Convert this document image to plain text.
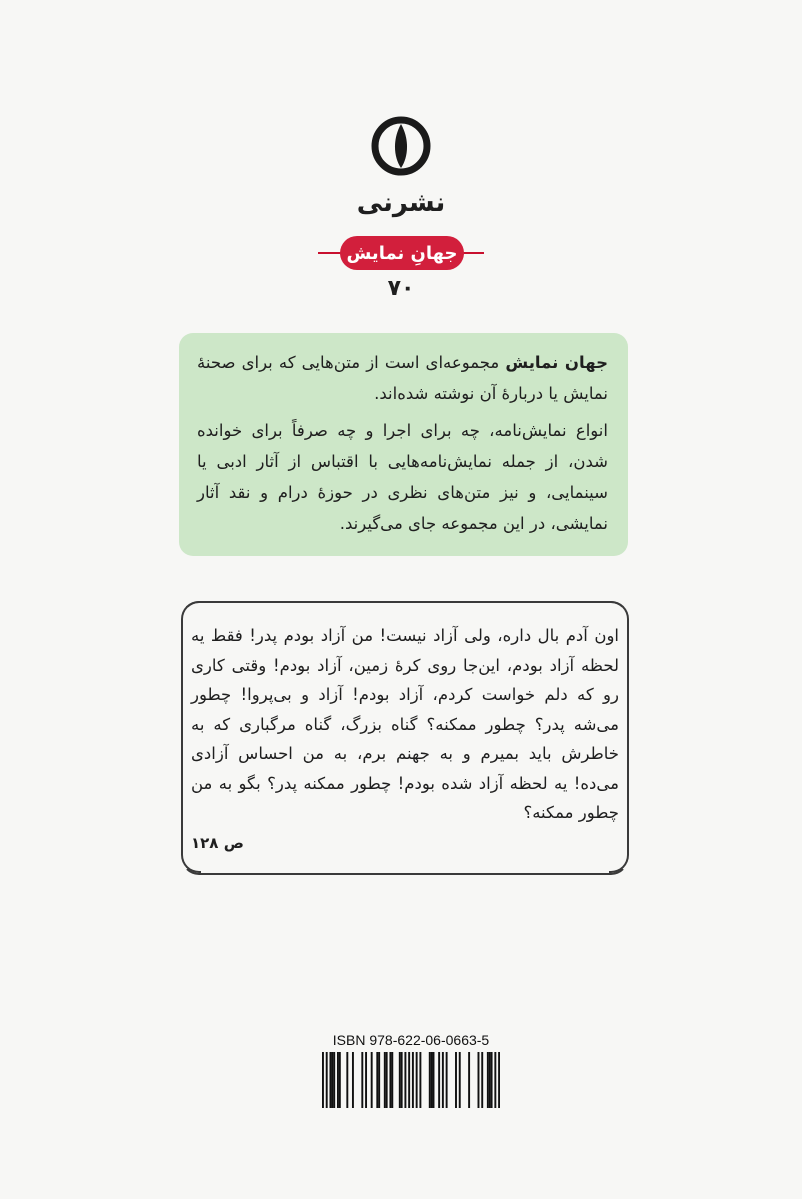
نشرنی
جهانِ نمایش
۷۰

جهان نمایش مجموعه‌ای است از متن‌هایی که برای صحنهٔ نمایش یا دربارهٔ آن نوشته شده‌اند.

انواع نمایش‌نامه، چه برای اجرا و چه صرفاً برای خوانده شدن، از جمله نمایش‌نامه‌هایی با اقتباس از آثار ادبی یا سینمایی، و نیز متن‌های نظری در حوزهٔ درام و نقد آثار نمایشی، در این مجموعه جای می‌گیرند.

اون آدم بال داره، ولی آزاد نیست! من آزاد بودم پدر! فقط یه لحظه آزاد بودم، این‌جا روی کرهٔ زمین، آزاد بودم! وقتی کاری رو که دلم خواست کردم، آزاد بودم! آزاد و بی‌پروا! چطور می‌شه پدر؟ چطور ممکنه؟ گناه بزرگ، گناه مرگباری که به خاطرش باید بمیرم و به جهنم برم، به من احساس آزادی می‌ده! یه لحظه آزاد شده بودم! چطور ممکنه پدر؟ بگو به من چطور ممکنه؟

ص ۱۲۸
ISBN 978-622-06-0663-5
